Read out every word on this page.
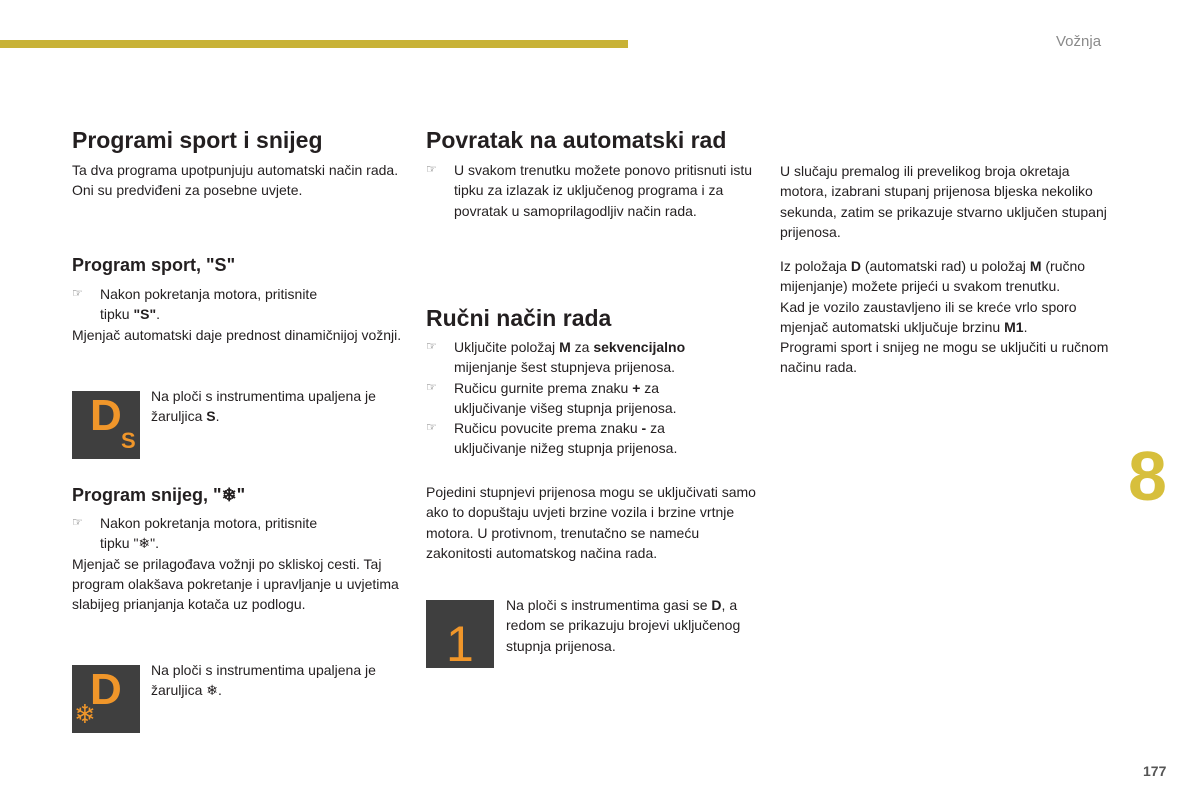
Vožnja
8
177
Programi sport i snijeg
Ta dva programa upotpunjuju automatski način rada. Oni su predviđeni za posebne uvjete.
Program sport, "S"

☞ Nakon pokretanja motora, pritisnite

tipku "S".

Mjenjač automatski daje prednost dinamičnijoj vožnji.

D
S
Na ploči s instrumentima upaljena je žaruljica S.
Program snijeg, "❄"

☞ Nakon pokretanja motora, pritisnite

tipku "❄".

Mjenjač se prilagođava vožnji po skliskoj cesti. Taj program olakšava pokretanje i upravljanje u uvjetima slabijeg prianjanja kotača uz podlogu.

D
❄
Na ploči s instrumentima upaljena je žaruljica ❄.
Povratak na automatski rad

☞ U svakom trenutku možete ponovo pritisnuti istu tipku za izlazak iz uključenog programa i za povratak u samoprilagodljiv način rada.

Ručni način rada

☞ Uključite položaj M za sekvencijalno

mijenjanje šest stupnjeva prijenosa.

☞ Ručicu gurnite prema znaku + za

uključivanje višeg stupnja prijenosa.

☞ Ručicu povucite prema znaku - za

uključivanje nižeg stupnja prijenosa.

Pojedini stupnjevi prijenosa mogu se uključivati samo ako to dopuštaju uvjeti brzine vozila i brzine vrtnje motora. U protivnom, trenutačno se nameću zakonitosti automatskog načina rada.
1
Na ploči s instrumentima gasi se D, a redom se prikazuju brojevi uključenog stupnja prijenosa.
U slučaju premalog ili prevelikog broja okretaja motora, izabrani stupanj prijenosa bljeska nekoliko sekunda, zatim se prikazuje stvarno uključen stupanj prijenosa.

Iz položaja D (automatski rad) u položaj M (ručno mijenjanje) možete prijeći u svakom trenutku.

Kad je vozilo zaustavljeno ili se kreće vrlo sporo mjenjač automatski uključuje brzinu M1.

Programi sport i snijeg ne mogu se uključiti u ručnom načinu rada.
